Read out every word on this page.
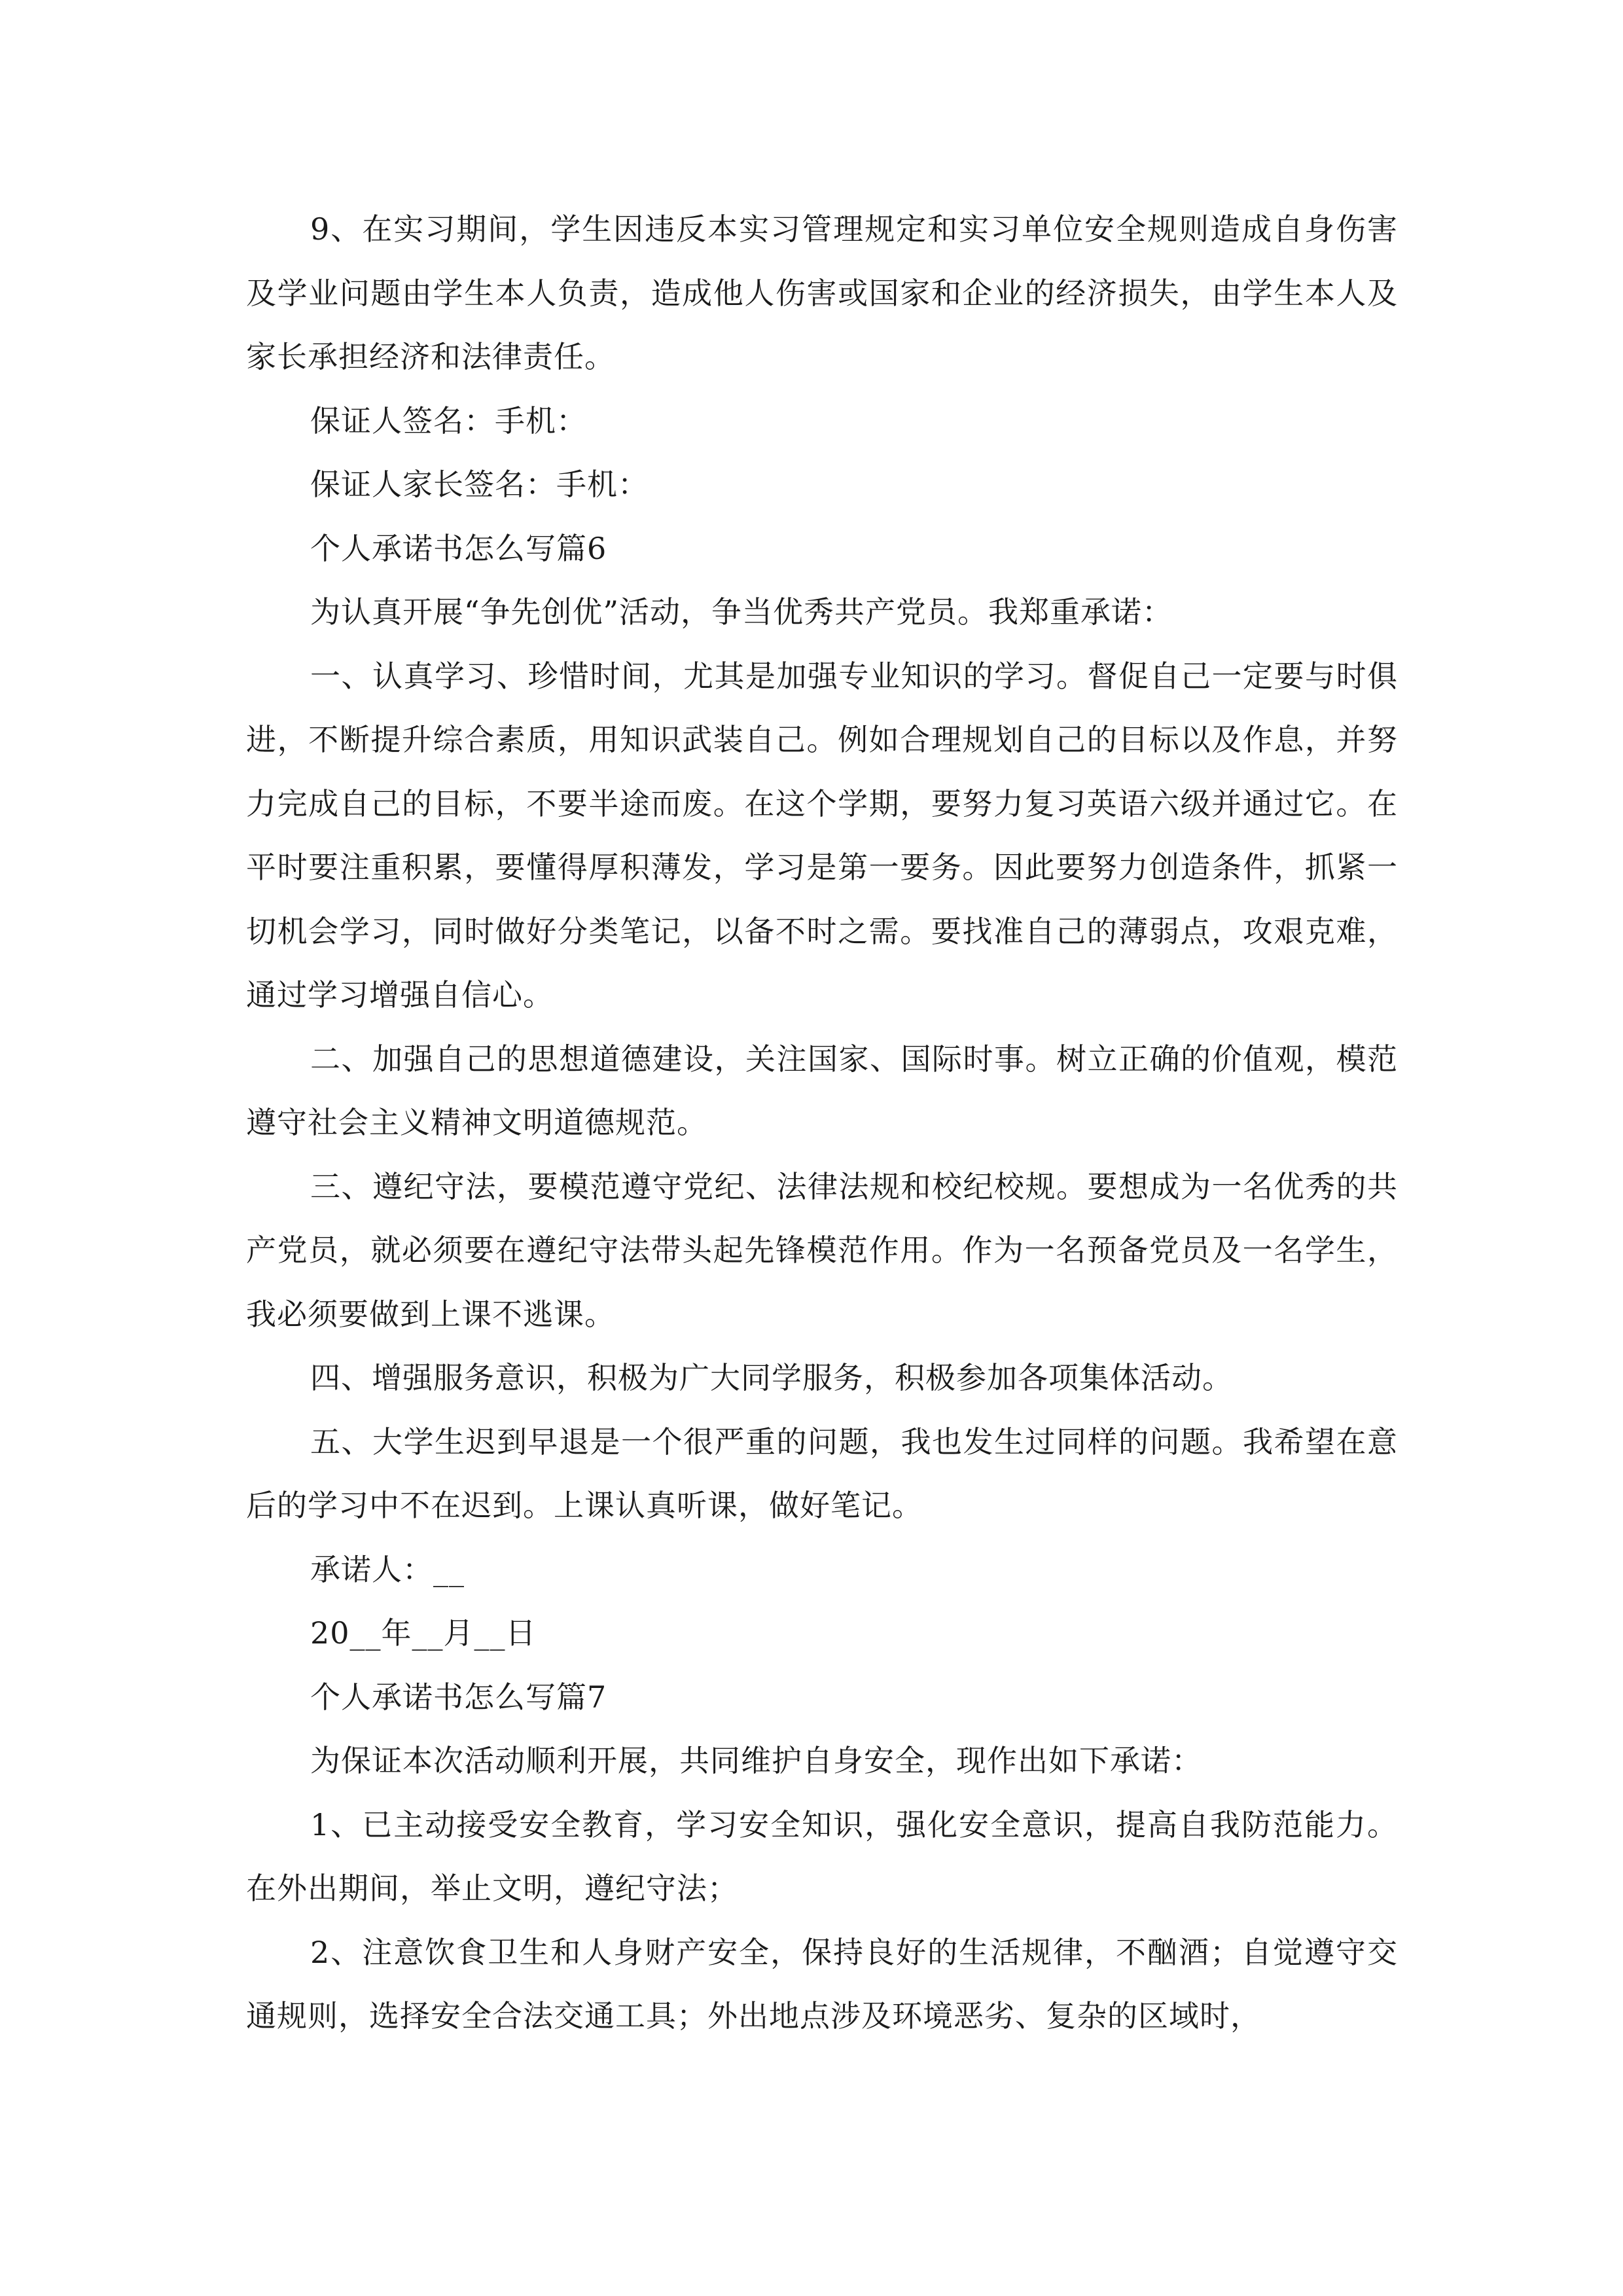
9、在实习期间，学生因违反本实习管理规定和实习单位安全规则造成自身伤害及学业问题由学生本人负责，造成他人伤害或国家和企业的经济损失，由学生本人及家长承担经济和法律责任。

保证人签名：手机：

保证人家长签名：手机：

个人承诺书怎么写篇6

为认真开展“争先创优”活动，争当优秀共产党员。我郑重承诺：

一、认真学习、珍惜时间，尤其是加强专业知识的学习。督促自己一定要与时俱进，不断提升综合素质，用知识武装自己。例如合理规划自己的目标以及作息，并努力完成自己的目标，不要半途而废。在这个学期，要努力复习英语六级并通过它。在平时要注重积累，要懂得厚积薄发，学习是第一要务。因此要努力创造条件，抓紧一切机会学习，同时做好分类笔记，以备不时之需。要找准自己的薄弱点，攻艰克难，通过学习增强自信心。

二、加强自己的思想道德建设，关注国家、国际时事。树立正确的价值观，模范遵守社会主义精神文明道德规范。

三、遵纪守法，要模范遵守党纪、法律法规和校纪校规。要想成为一名优秀的共产党员，就必须要在遵纪守法带头起先锋模范作用。作为一名预备党员及一名学生，我必须要做到上课不逃课。

四、增强服务意识，积极为广大同学服务，积极参加各项集体活动。

五、大学生迟到早退是一个很严重的问题，我也发生过同样的问题。我希望在意后的学习中不在迟到。上课认真听课，做好笔记。

承诺人：__

20__年__月__日

个人承诺书怎么写篇7

为保证本次活动顺利开展，共同维护自身安全，现作出如下承诺：

1、已主动接受安全教育，学习安全知识，强化安全意识，提高自我防范能力。在外出期间，举止文明，遵纪守法；

2、注意饮食卫生和人身财产安全，保持良好的生活规律，不酗酒；自觉遵守交通规则，选择安全合法交通工具；外出地点涉及环境恶劣、复杂的区域时，
